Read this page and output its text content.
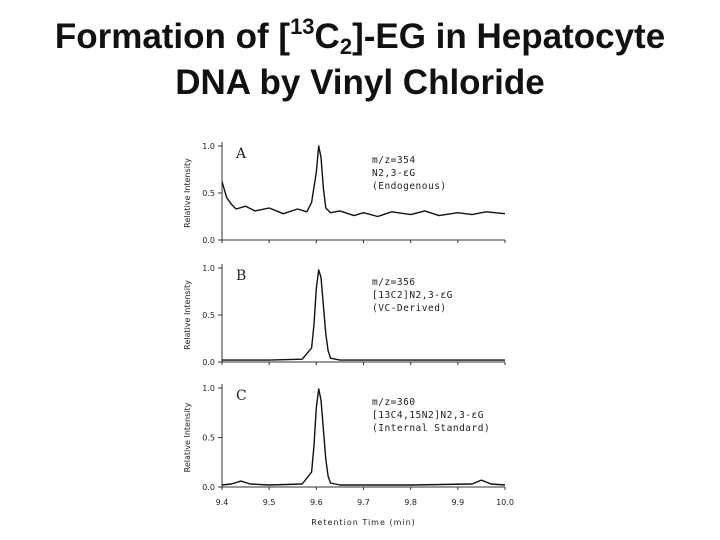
Formation of $[^{13}C_2]-EG$ in Hepatocyte
DNA by Vinyl Chloride
0.0
0.5
1.0
Relative Intensity
A	m/z=354
N2,3-εG
(Endogenous)
0.0
0.5
1.0
Relative Intensity
B	m/z=356
[13C2]N2,3-εG
(VC-Derived)
0.0
0.5
1.0
Relative Intensity
9.4	9.5	9.6	9.7	9.8	9.9	10.0
C	m/z=360
[13C4,15N2]N2,3-εG
(Internal Standard)
Retention Time (min)
